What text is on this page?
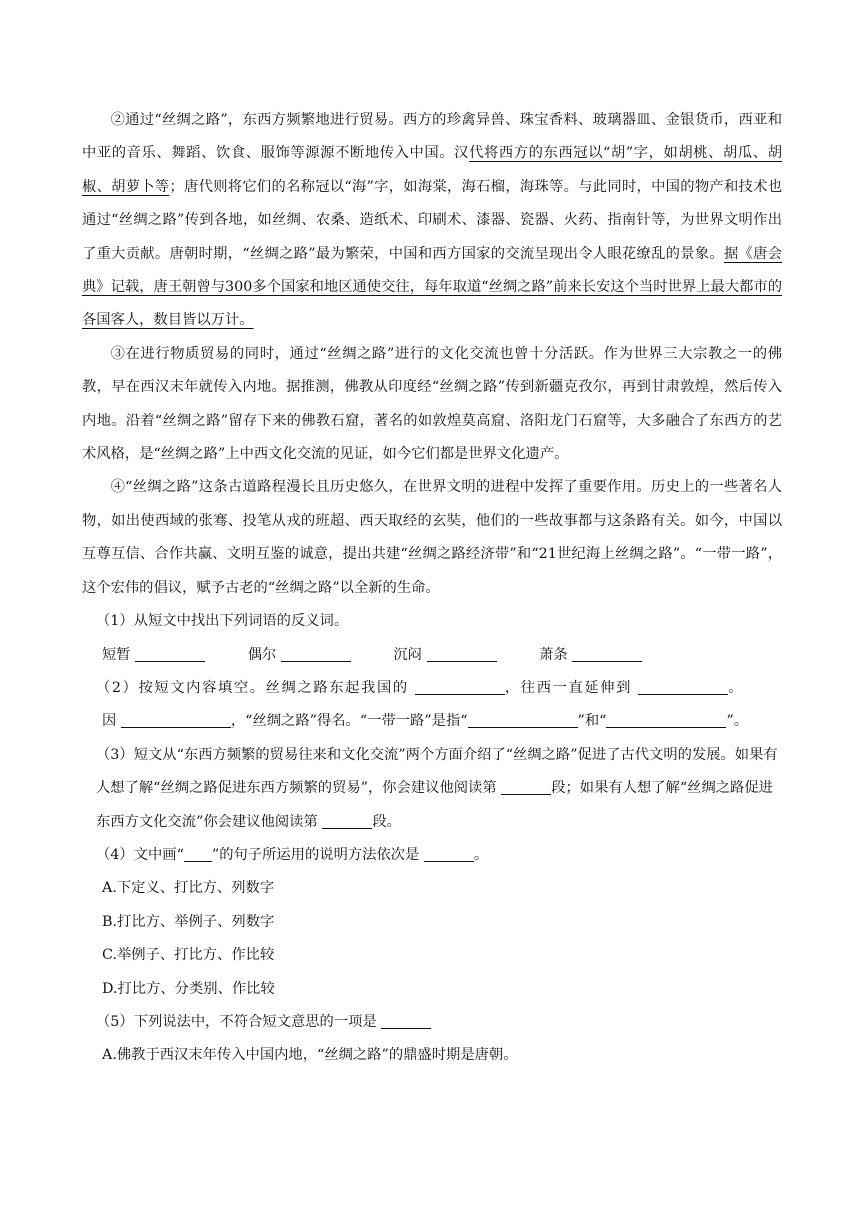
②通过“丝绸之路”，东西方频繁地进行贸易。西方的珍禽异兽、珠宝香料、玻璃器皿、金银货币，西亚和中亚的音乐、舞蹈、饮食、服饰等源源不断地传入中国。汉代将西方的东西冠以“胡”字，如胡桃、胡瓜、胡椒、胡萝卜等；唐代则将它们的名称冠以“海”字，如海棠，海石榴，海珠等。与此同时，中国的物产和技术也通过“丝绸之路”传到各地，如丝绸、农桑、造纸术、印刷术、漆器、瓷器、火药、指南针等，为世界文明作出了重大贡献。唐朝时期，“丝绸之路”最为繁荣，中国和西方国家的交流呈现出令人眼花缭乱的景象。据《唐会典》记载，唐王朝曾与300多个国家和地区通使交往，每年取道“丝绸之路”前来长安这个当时世界上最大都市的各国客人，数目皆以万计。

③在进行物质贸易的同时，通过“丝绸之路”进行的文化交流也曾十分活跃。作为世界三大宗教之一的佛教，早在西汉末年就传入内地。据推测，佛教从印度经“丝绸之路”传到新疆克孜尔，再到甘肃敦煌，然后传入内地。沿着“丝绸之路”留存下来的佛教石窟，著名的如敦煌莫高窟、洛阳龙门石窟等，大多融合了东西方的艺术风格，是“丝绸之路”上中西文化交流的见证，如今它们都是世界文化遗产。

④“丝绸之路”这条古道路程漫长且历史悠久，在世界文明的进程中发挥了重要作用。历史上的一些著名人物，如出使西域的张骞、投笔从戎的班超、西天取经的玄奘，他们的一些故事都与这条路有关。如今，中国以互尊互信、合作共赢、文明互鉴的诚意，提出共建“丝绸之路经济带”和“21世纪海上丝绸之路”。“一带一路”，这个宏伟的倡议，赋予古老的“丝绸之路”以全新的生命。

（1）从短文中找出下列词语的反义词。

短暂	偶尔	沉闷	萧条

（2）按短文内容填空。丝绸之路东起我国的	，往西一直延伸到	。

因	，“丝绸之路”得名。“一带一路”是指“	”和“	”。

（3）短文从“东西方频繁的贸易往来和文化交流”两个方面介绍了“丝绸之路”促进了古代文明的发展。如果有人想了解“丝绸之路促进东西方频繁的贸易”，你会建议他阅读第	段；如果有人想了解“丝绸之路促进东西方文化交流”你会建议他阅读第	段。

（4）文中画“ ”的句子所运用的说明方法依次是	。

A.下定义、打比方、列数字

B.打比方、举例子、列数字

C.举例子、打比方、作比较

D.打比方、分类别、作比较

（5）下列说法中，不符合短文意思的一项是

A.佛教于西汉末年传入中国内地，“丝绸之路”的鼎盛时期是唐朝。
